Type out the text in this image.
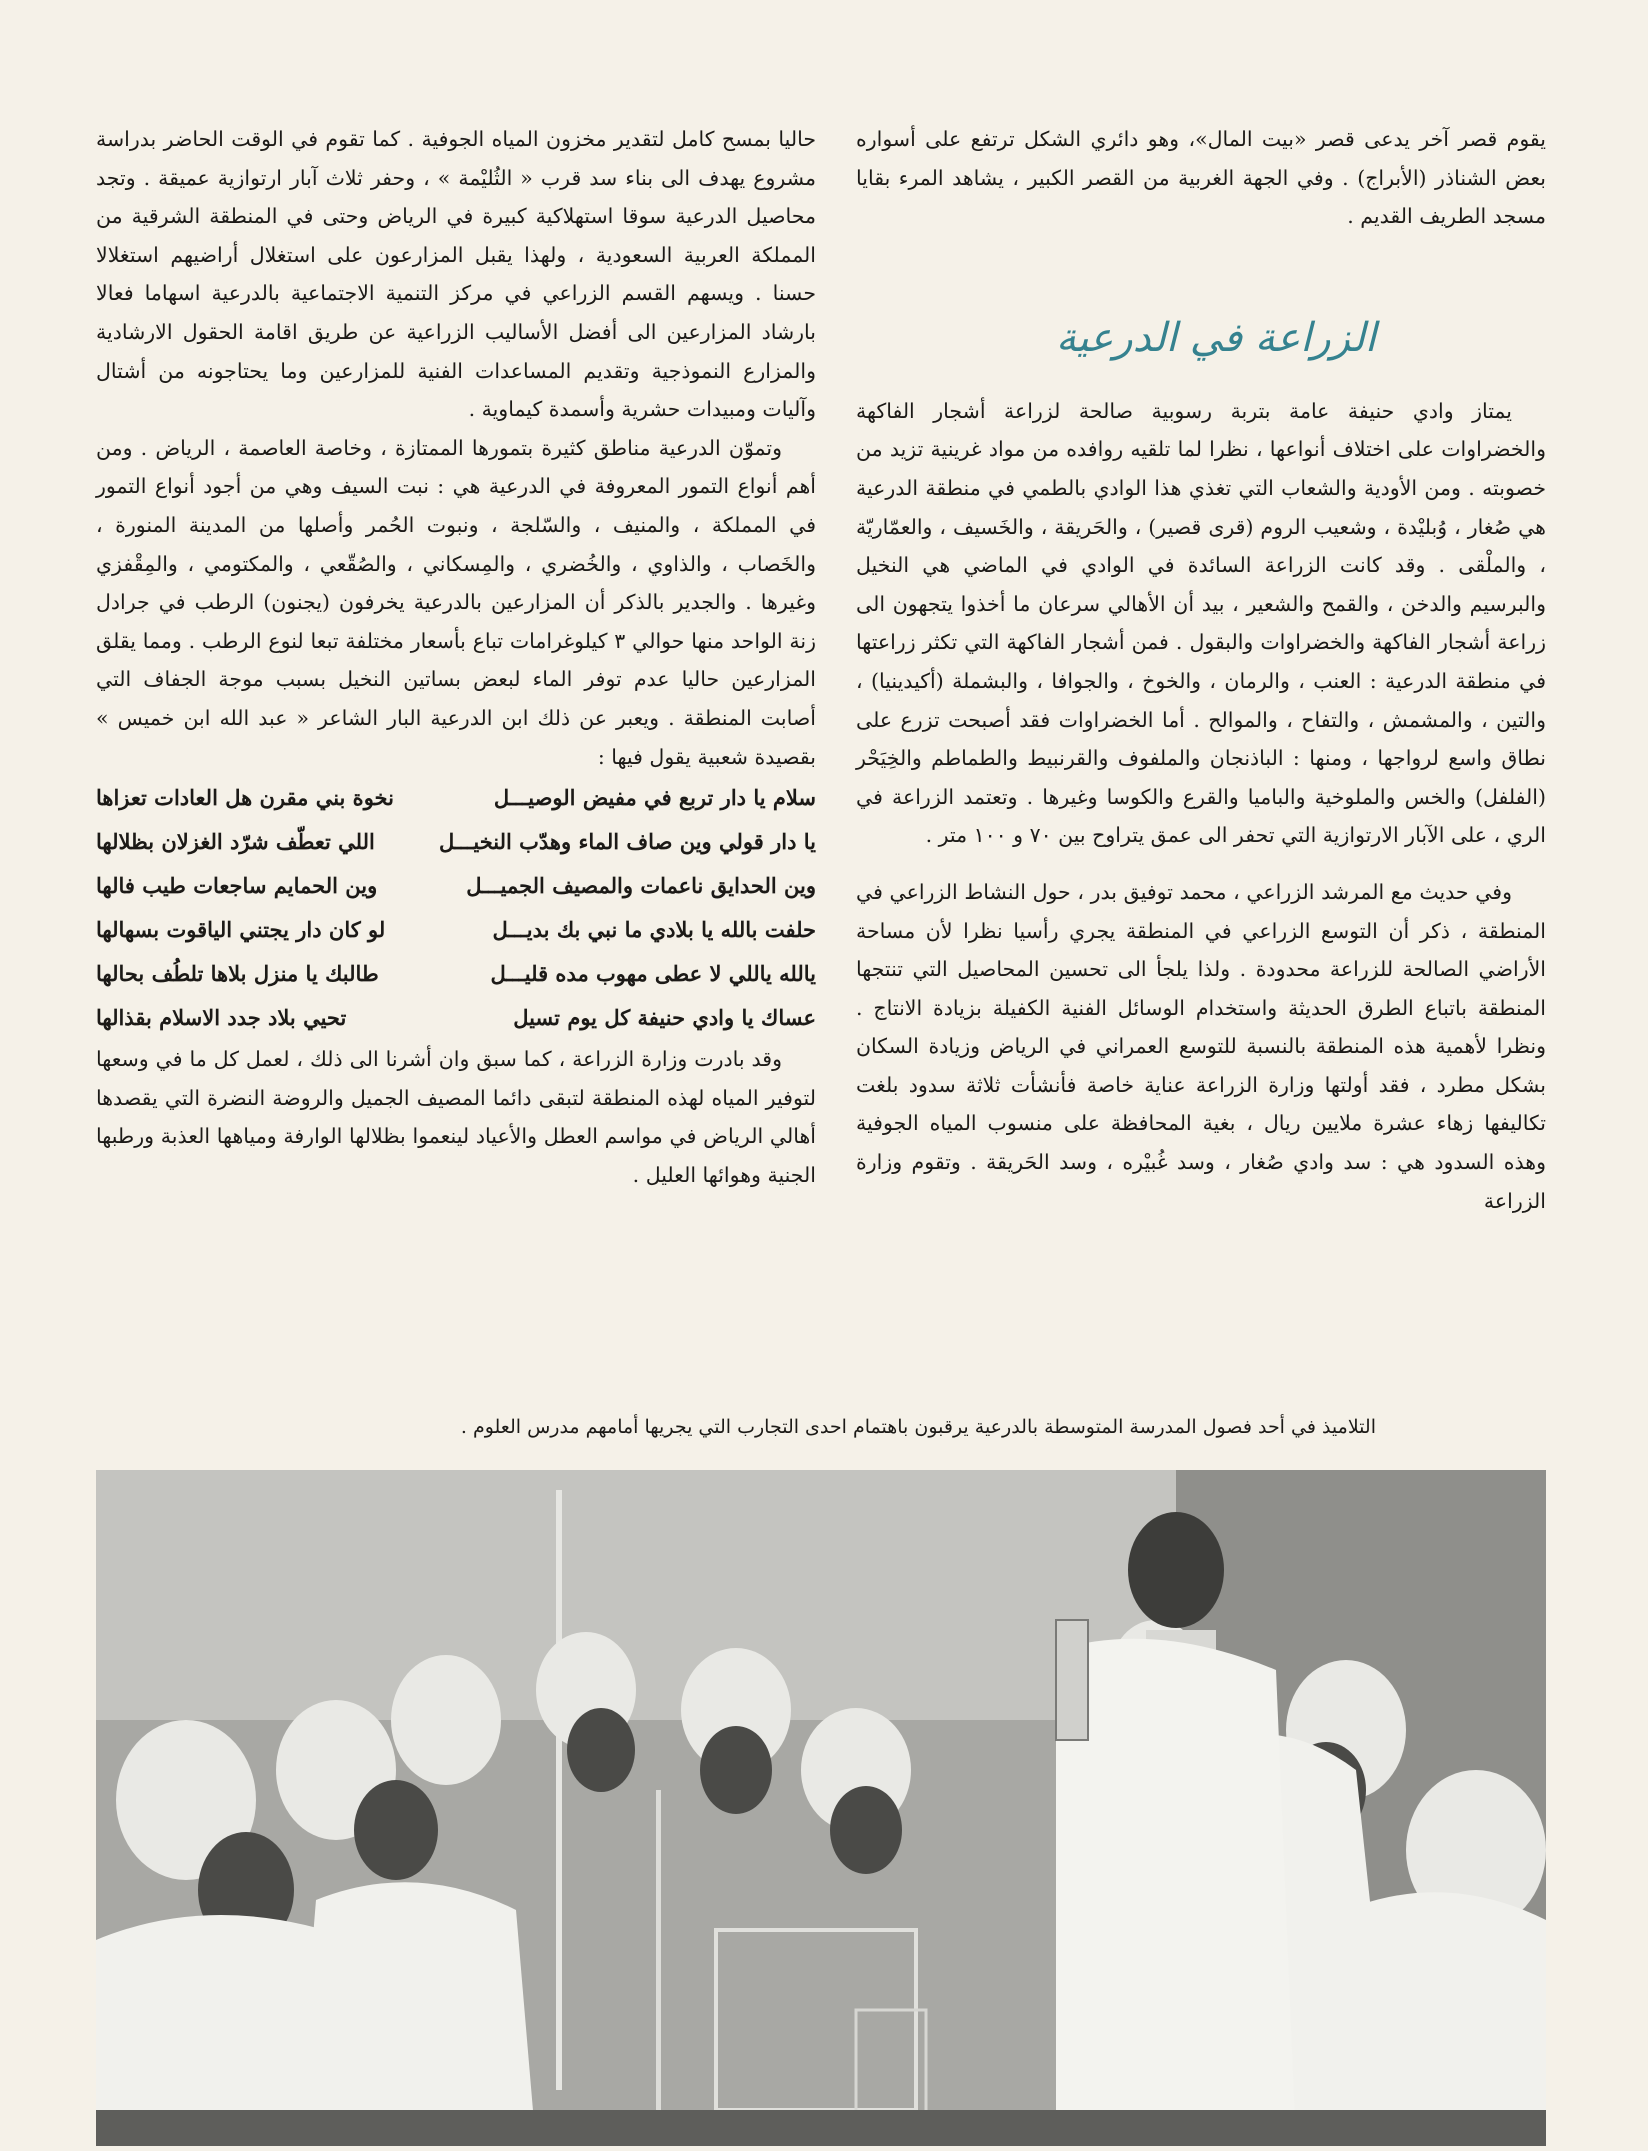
يقوم قصر آخر يدعى قصر «بيت المال»، وهو دائري الشكل ترتفع على أسواره بعض الشناذر (الأبراج) . وفي الجهة الغربية من القصر الكبير ، يشاهد المرء بقايا مسجد الطريف القديم .

الزراعة في الدرعية

يمتاز وادي حنيفة عامة بتربة رسوبية صالحة لزراعة أشجار الفاكهة والخضراوات على اختلاف أنواعها ، نظرا لما تلقيه روافده من مواد غرينية تزيد من خصوبته . ومن الأودية والشعاب التي تغذي هذا الوادي بالطمي في منطقة الدرعية هي صُغار ، وُبليْدة ، وشعيب الروم (قرى قصير) ، والحَريقة ، والخَسيف ، والعمّاريّة ، والملْقى . وقد كانت الزراعة السائدة في الوادي في الماضي هي النخيل والبرسيم والدخن ، والقمح والشعير ، بيد أن الأهالي سرعان ما أخذوا يتجهون الى زراعة أشجار الفاكهة والخضراوات والبقول . فمن أشجار الفاكهة التي تكثر زراعتها في منطقة الدرعية : العنب ، والرمان ، والخوخ ، والجوافا ، والبشملة (أكيدينيا) ، والتين ، والمشمش ، والتفاح ، والموالح . أما الخضراوات فقد أصبحت تزرع على نطاق واسع لرواجها ، ومنها : الباذنجان والملفوف والقرنبيط والطماطم والخِيَحْر (الفلفل) والخس والملوخية والباميا والقرع والكوسا وغيرها . وتعتمد الزراعة في الري ، على الآبار الارتوازية التي تحفر الى عمق يتراوح بين ٧٠ و ١٠٠ متر .

وفي حديث مع المرشد الزراعي ، محمد توفيق بدر ، حول النشاط الزراعي في المنطقة ، ذكر أن التوسع الزراعي في المنطقة يجري رأسيا نظرا لأن مساحة الأراضي الصالحة للزراعة محدودة . ولذا يلجأ الى تحسين المحاصيل التي تنتجها المنطقة باتباع الطرق الحديثة واستخدام الوسائل الفنية الكفيلة بزيادة الانتاج . ونظرا لأهمية هذه المنطقة بالنسبة للتوسع العمراني في الرياض وزيادة السكان بشكل مطرد ، فقد أولتها وزارة الزراعة عناية خاصة فأنشأت ثلاثة سدود بلغت تكاليفها زهاء عشرة ملايين ريال ، بغية المحافظة على منسوب المياه الجوفية وهذه السدود هي : سد وادي صُغار ، وسد غُبيْره ، وسد الحَريقة . وتقوم وزارة الزراعة

حاليا بمسح كامل لتقدير مخزون المياه الجوفية . كما تقوم في الوقت الحاضر بدراسة مشروع يهدف الى بناء سد قرب « الثُليْمة » ، وحفر ثلاث آبار ارتوازية عميقة . وتجد محاصيل الدرعية سوقا استهلاكية كبيرة في الرياض وحتى في المنطقة الشرقية من المملكة العربية السعودية ، ولهذا يقبل المزارعون على استغلال أراضيهم استغلالا حسنا . ويسهم القسم الزراعي في مركز التنمية الاجتماعية بالدرعية اسهاما فعالا بارشاد المزارعين الى أفضل الأساليب الزراعية عن طريق اقامة الحقول الارشادية والمزارع النموذجية وتقديم المساعدات الفنية للمزارعين وما يحتاجونه من أشتال وآليات ومبيدات حشرية وأسمدة كيماوية .

وتموّن الدرعية مناطق كثيرة بتمورها الممتازة ، وخاصة العاصمة ، الرياض . ومن أهم أنواع التمور المعروفة في الدرعية هي : نبت السيف وهي من أجود أنواع التمور في المملكة ، والمنيف ، والسّلجة ، ونبوت الحُمر وأصلها من المدينة المنورة ، والخَصاب ، والذاوي ، والخُضري ، والمِسكاني ، والصُقّعي ، والمكتومي ، والمِقْفزي وغيرها . والجدير بالذكر أن المزارعين بالدرعية يخرفون (يجنون) الرطب في جرادل زنة الواحد منها حوالي ٣ كيلوغرامات تباع بأسعار مختلفة تبعا لنوع الرطب . ومما يقلق المزارعين حاليا عدم توفر الماء لبعض بساتين النخيل بسبب موجة الجفاف التي أصابت المنطقة . ويعبر عن ذلك ابن الدرعية البار الشاعر « عبد الله ابن خميس » بقصيدة شعبية يقول فيها :

سلام يا دار تربع في مفيض الوصيـــل
نخوة بني مقرن هل العادات تعزاها
يا دار قولي وين صاف الماء وهدّب النخيـــل
اللي تعطّف شرّد الغزلان بظلالها
وين الحدايق ناعمات والمصيف الجميـــل
وين الحمايم ساجعات طيب فالها
حلفت بالله يا بلادي ما نبي بك بديـــل
لو كان دار يجتني الياقوت بسهالها
يالله ياللي لا عطى مهوب مده قليـــل
طالبك يا منزل بلاها تلطُف بحالها
عساك يا وادي حنيفة كل يوم تسيل
تحيي بلاد جدد الاسلام بقذالها

وقد بادرت وزارة الزراعة ، كما سبق وان أشرنا الى ذلك ، لعمل كل ما في وسعها لتوفير المياه لهذه المنطقة لتبقى دائما المصيف الجميل والروضة النضرة التي يقصدها أهالي الرياض في مواسم العطل والأعياد لينعموا بظلالها الوارفة ومياهها العذبة ورطبها الجنية وهوائها العليل .

التلاميذ في أحد فصول المدرسة المتوسطة بالدرعية يرقبون باهتمام احدى التجارب التي يجريها أمامهم مدرس العلوم .
